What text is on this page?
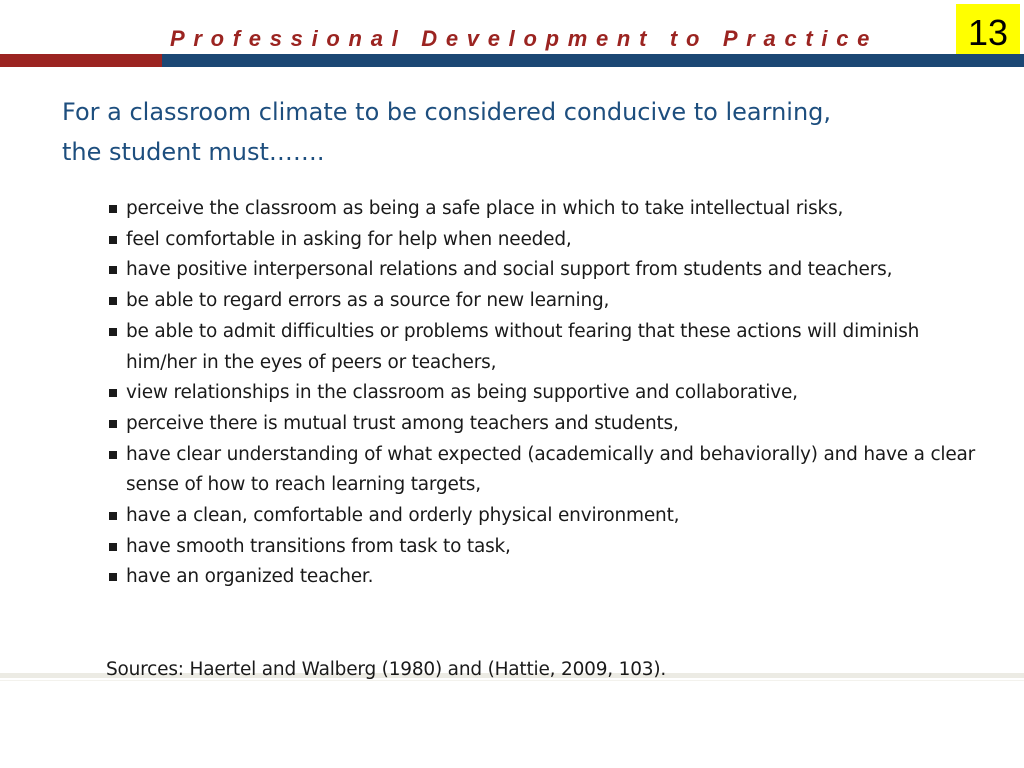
Professional Development to Practice	13
For a classroom climate to be considered conducive to learning,
the student must…….
perceive the classroom as being a safe place in which to take intellectual risks,
feel comfortable in asking for help when needed,
have positive interpersonal relations and social support from students and teachers,
be able to regard errors as a source for new learning,
be able to admit difficulties or problems without fearing that these actions will diminish him/her in the eyes of peers or teachers,
view relationships in the classroom as being supportive and collaborative,
perceive there is mutual trust among teachers and students,
have clear understanding of what expected (academically and behaviorally) and have a clear sense of how to reach learning targets,
have a clean, comfortable and orderly physical environment,
have smooth transitions from task to task,
have an organized teacher.
Sources: Haertel and Walberg (1980) and (Hattie, 2009, 103).
